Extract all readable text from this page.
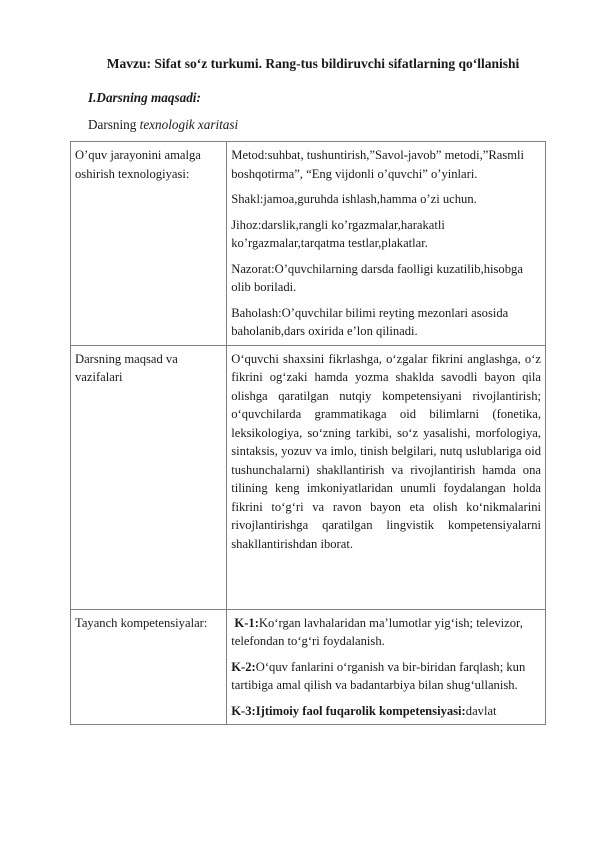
Mavzu: Sifat so‘z turkumi. Rang-tus bildiruvchi sifatlarning qo‘llanishi
I.Darsning maqsadi:
Darsning texnologik xaritasi
O’quv jarayonini amalga oshirish texnologiyasi:	Metod:suhbat, tushuntirish,”Savol-javob” metodi,”Rasmli boshqotirma”, “Eng vijdonli o’quvchi” o’yinlari.
Shakl:jamoa,guruhda ishlash,hamma o’zi uchun.
Jihoz:darslik,rangli ko’rgazmalar,harakatli ko’rgazmalar,tarqatma testlar,plakatlar.
Nazorat:O’quvchilarning darsda faolligi kuzatilib,hisobga olib boriladi.
Baholash:O’quvchilar bilimi reyting mezonlari asosida baholanib,dars oxirida e’lon qilinadi.

Darsning maqsad va vazifalari	O‘quvchi shaxsini fikrlashga, o‘zgalar fikrini anglashga, o‘z fikrini og‘zaki hamda yozma shaklda savodli bayon qila olishga qaratilgan nutqiy kompetensiyani rivojlantirish; o‘quvchilarda grammatikaga oid bilimlarni (fonetika, leksikologiya, so‘zning tarkibi, so‘z yasalishi, morfologiya, sintaksis, yozuv va imlo, tinish belgilari, nutq uslublariga oid tushunchalarni) shakllantirish va rivojlantirish hamda ona tilining keng imkoniyatlaridan unumli foydalangan holda fikrini to‘g‘ri va ravon bayon eta olish ko‘nikmalarini rivojlantirishga qaratilgan lingvistik kompetensiyalarni shakllantirishdan iborat.

Tayanch kompetensiyalar:	K-1:Ko‘rgan lavhalaridan ma’lumotlar yig‘ish; televizor, telefondan to‘g‘ri foydalanish.
K-2:O‘quv fanlarini o‘rganish va bir-biridan farqlash; kun tartibiga amal qilish va badantarbiya bilan shug‘ullanish.
K-3:Ijtimoiy faol fuqarolik kompetensiyasi:davlat
